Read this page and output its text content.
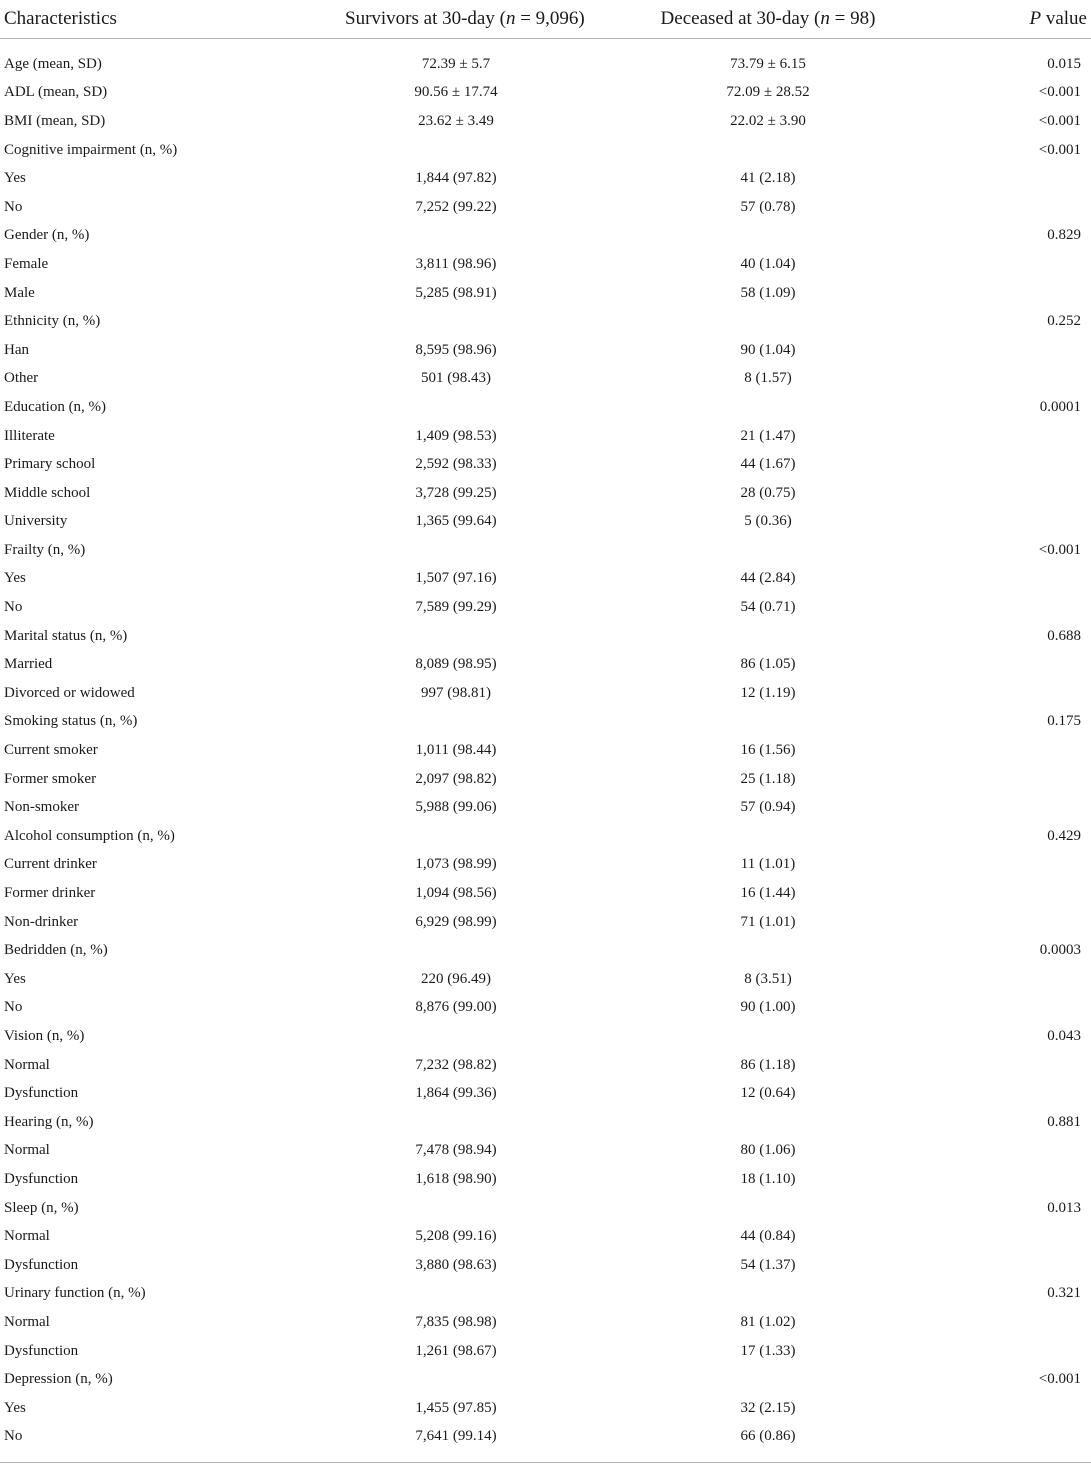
Characteristics	Survivors at 30-day (n = 9,096)	Deceased at 30-day (n = 98)	P value

Age (mean, SD)	72.39 ± 5.7	73.79 ± 6.15	0.015
ADL (mean, SD)	90.56 ± 17.74	72.09 ± 28.52	<0.001
BMI (mean, SD)	23.62 ± 3.49	22.02 ± 3.90	<0.001
Cognitive impairment (n, %)			<0.001
Yes	1,844 (97.82)	41 (2.18)	
No	7,252 (99.22)	57 (0.78)	
Gender (n, %)			0.829
Female	3,811 (98.96)	40 (1.04)	
Male	5,285 (98.91)	58 (1.09)	
Ethnicity (n, %)			0.252
Han	8,595 (98.96)	90 (1.04)	
Other	501 (98.43)	8 (1.57)	
Education (n, %)			0.0001
Illiterate	1,409 (98.53)	21 (1.47)	
Primary school	2,592 (98.33)	44 (1.67)	
Middle school	3,728 (99.25)	28 (0.75)	
University	1,365 (99.64)	5 (0.36)	
Frailty (n, %)			<0.001
Yes	1,507 (97.16)	44 (2.84)	
No	7,589 (99.29)	54 (0.71)	
Marital status (n, %)			0.688
Married	8,089 (98.95)	86 (1.05)	
Divorced or widowed	997 (98.81)	12 (1.19)	
Smoking status (n, %)			0.175
Current smoker	1,011 (98.44)	16 (1.56)	
Former smoker	2,097 (98.82)	25 (1.18)	
Non-smoker	5,988 (99.06)	57 (0.94)	
Alcohol consumption (n, %)			0.429
Current drinker	1,073 (98.99)	11 (1.01)	
Former drinker	1,094 (98.56)	16 (1.44)	
Non-drinker	6,929 (98.99)	71 (1.01)	
Bedridden (n, %)			0.0003
Yes	220 (96.49)	8 (3.51)	
No	8,876 (99.00)	90 (1.00)	
Vision (n, %)			0.043
Normal	7,232 (98.82)	86 (1.18)	
Dysfunction	1,864 (99.36)	12 (0.64)	
Hearing (n, %)			0.881
Normal	7,478 (98.94)	80 (1.06)	
Dysfunction	1,618 (98.90)	18 (1.10)	
Sleep (n, %)			0.013
Normal	5,208 (99.16)	44 (0.84)	
Dysfunction	3,880 (98.63)	54 (1.37)	
Urinary function (n, %)			0.321
Normal	7,835 (98.98)	81 (1.02)	
Dysfunction	1,261 (98.67)	17 (1.33)	
Depression (n, %)			<0.001
Yes	1,455 (97.85)	32 (2.15)	
No	7,641 (99.14)	66 (0.86)	
